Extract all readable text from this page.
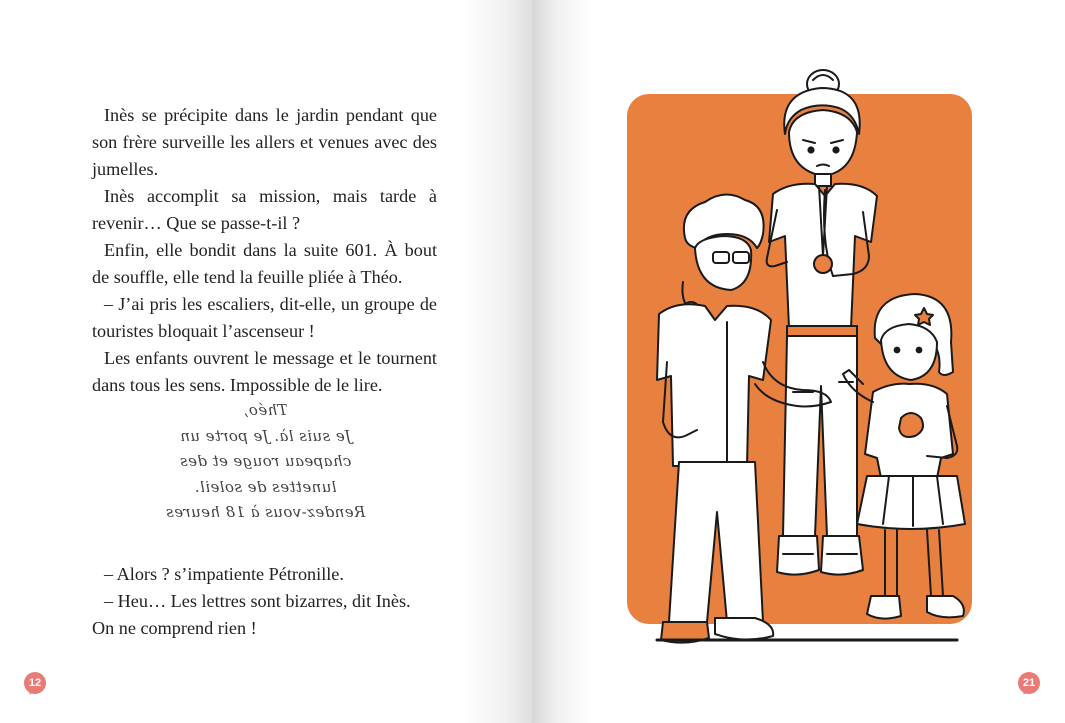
Inès se précipite dans le jardin pendant que son frère surveille les allers et venues avec des jumelles.

Inès accomplit sa mission, mais tarde à revenir… Que se passe-t-il ?

Enfin, elle bondit dans la suite 601. À bout de souffle, elle tend la feuille pliée à Théo.

– J’ai pris les escaliers, dit-elle, un groupe de touristes bloquait l’ascenseur !

Les enfants ouvrent le message et le tournent dans tous les sens. Impossible de le lire.

Théo,
Je suis là. Je porte un
chapeau rouge et des
lunettes de soleil.
Rendez-vous à 18 heures

– Alors ? s’impatiente Pétronille.

– Heu… Les lettres sont bizarres, dit Inès.

On ne comprend rien !

12	21
